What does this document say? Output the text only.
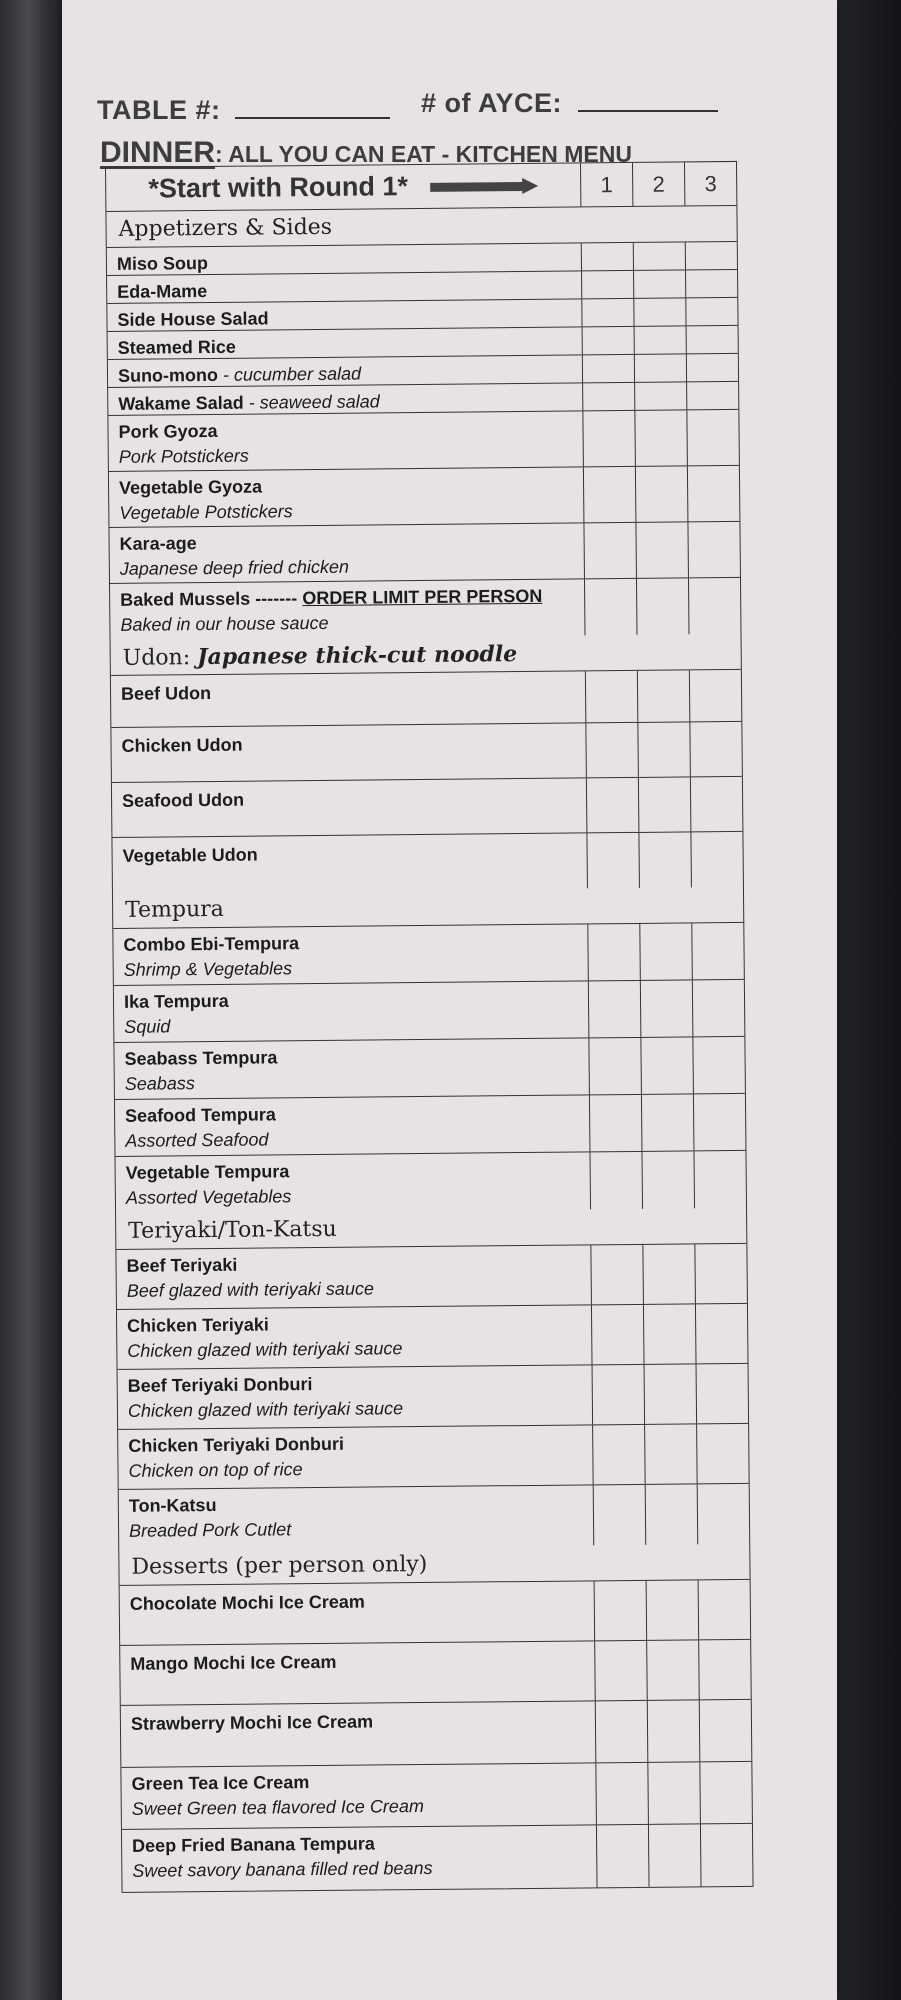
TABLE #:	# of AYCE:
DINNER: ALL YOU CAN EAT - KITCHEN MENU
*Start with Round 1*	1	2	3
Appetizers & Sides
Miso Soup
Eda-Mame
Side House Salad
Steamed Rice
Suno-mono - cucumber salad
Wakame Salad - seaweed salad
Pork Gyoza
Pork Potstickers
Vegetable Gyoza
Vegetable Potstickers
Kara-age
Japanese deep fried chicken
Baked Mussels ------- ORDER LIMIT PER PERSON
Baked in our house sauce
Udon: Japanese thick-cut noodle
Beef Udon
Chicken Udon
Seafood Udon
Vegetable Udon
Tempura
Combo Ebi-Tempura
Shrimp & Vegetables
Ika Tempura
Squid
Seabass Tempura
Seabass
Seafood Tempura
Assorted Seafood
Vegetable Tempura
Assorted Vegetables
Teriyaki/Ton-Katsu
Beef Teriyaki
Beef glazed with teriyaki sauce
Chicken Teriyaki
Chicken glazed with teriyaki sauce
Beef Teriyaki Donburi
Chicken glazed with teriyaki sauce
Chicken Teriyaki Donburi
Chicken on top of rice
Ton-Katsu
Breaded Pork Cutlet
Desserts (per person only)
Chocolate Mochi Ice Cream
Mango Mochi Ice Cream
Strawberry Mochi Ice Cream
Green Tea Ice Cream
Sweet Green tea flavored Ice Cream
Deep Fried Banana Tempura
Sweet savory banana filled red beans
